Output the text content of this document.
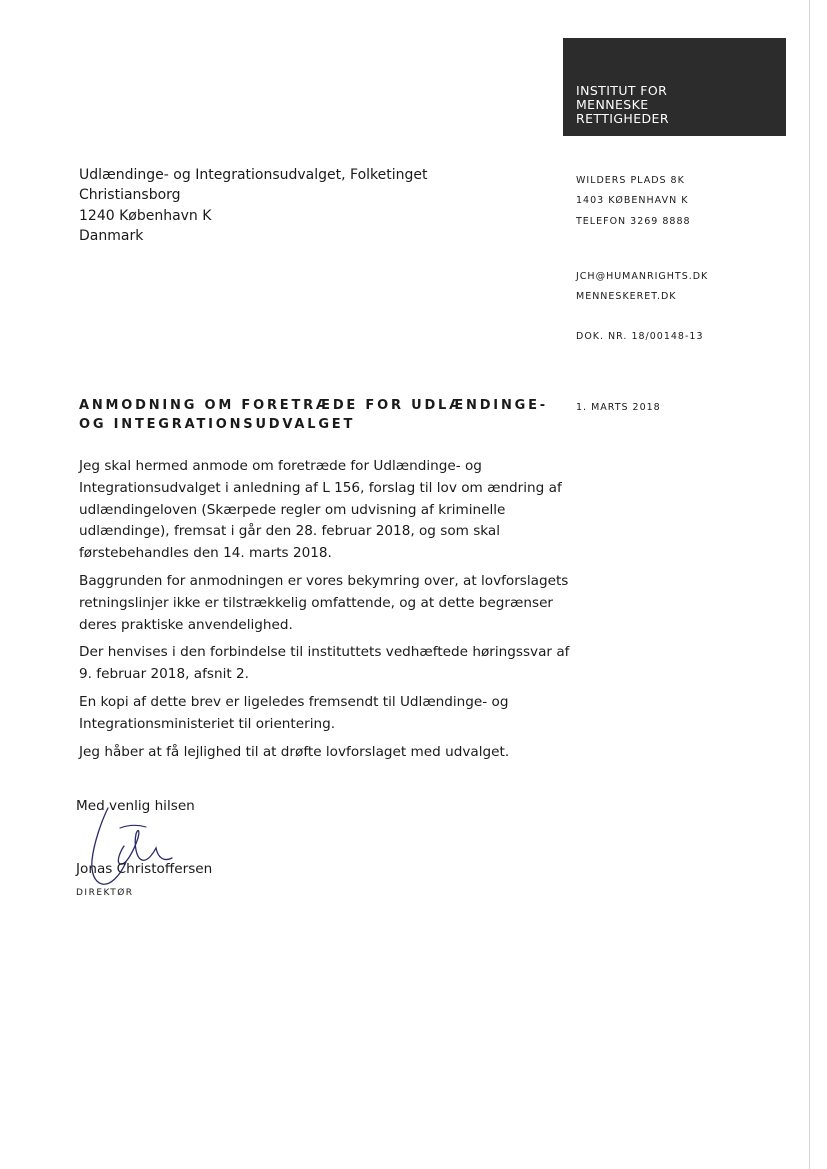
INSTITUT FOR
MENNESKE
RETTIGHEDER
Udlændinge- og Integrationsudvalget, Folketinget
Christiansborg
1240 København K
Danmark
WILDERS PLADS 8K
1403 KØBENHAVN K
TELEFON 3269 8888
JCH@HUMANRIGHTS.DK
MENNESKERET.DK
DOK. NR. 18/00148-13
1. MARTS 2018
ANMODNING OM FORETRÆDE FOR UDLÆNDINGE-
OG INTEGRATIONSUDVALGET
Jeg skal hermed anmode om foretræde for Udlændinge- og
Integrationsudvalget i anledning af L 156, forslag til lov om ændring af
udlændingeloven (Skærpede regler om udvisning af kriminelle
udlændinge), fremsat i går den 28. februar 2018, og som skal
førstebehandles den 14. marts 2018.
Baggrunden for anmodningen er vores bekymring over, at lovforslagets
retningslinjer ikke er tilstrækkelig omfattende, og at dette begrænser
deres praktiske anvendelighed.
Der henvises i den forbindelse til instituttets vedhæftede høringssvar af
9. februar 2018, afsnit 2.
En kopi af dette brev er ligeledes fremsendt til Udlændinge- og
Integrationsministeriet til orientering.
Jeg håber at få lejlighed til at drøfte lovforslaget med udvalget.
Med venlig hilsen
Jonas Christoffersen
DIREKTØR
